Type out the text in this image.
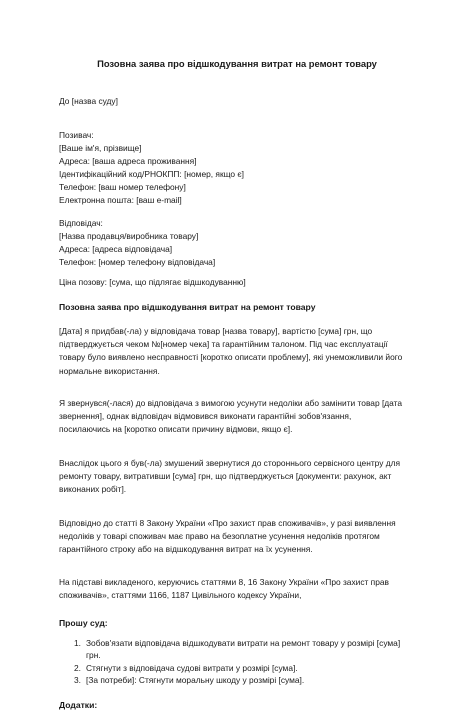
Позовна заява про відшкодування витрат на ремонт товару
До [назва суду]
Позивач:
[Ваше ім'я, прізвище]
Адреса: [ваша адреса проживання]
Ідентифікаційний код/РНОКПП: [номер, якщо є]
Телефон: [ваш номер телефону]
Електронна пошта: [ваш e-mail]
Відповідач:
[Назва продавця/виробника товару]
Адреса: [адреса відповідача]
Телефон: [номер телефону відповідача]
Ціна позову: [сума, що підлягає відшкодуванню]
Позовна заява про відшкодування витрат на ремонт товару
[Дата] я придбав(-ла) у відповідача товар [назва товару], вартістю [сума] грн, що
підтверджується чеком №[номер чека] та гарантійним талоном. Під час експлуатації
товару було виявлено несправності [коротко описати проблему], які унеможливили його
нормальне використання.
Я звернувся(-лася) до відповідача з вимогою усунути недоліки або замінити товар [дата
звернення], однак відповідач відмовився виконати гарантійні зобов'язання,
посилаючись на [коротко описати причину відмови, якщо є].
Внаслідок цього я був(-ла) змушений звернутися до стороннього сервісного центру для
ремонту товару, витративши [сума] грн, що підтверджується [документи: рахунок, акт
виконаних робіт].
Відповідно до статті 8 Закону України «Про захист прав споживачів», у разі виявлення
недоліків у товарі споживач має право на безоплатне усунення недоліків протягом
гарантійного строку або на відшкодування витрат на їх усунення.
На підставі викладеного, керуючись статтями 8, 16 Закону України «Про захист прав
споживачів», статтями 1166, 1187 Цивільного кодексу України,
Прошу суд:
1. Зобов'язати відповідача відшкодувати витрати на ремонт товару у розмірі [сума]
грн.
2. Стягнути з відповідача судові витрати у розмірі [сума].
3. [За потреби]: Стягнути моральну шкоду у розмірі [сума].
Додатки:
